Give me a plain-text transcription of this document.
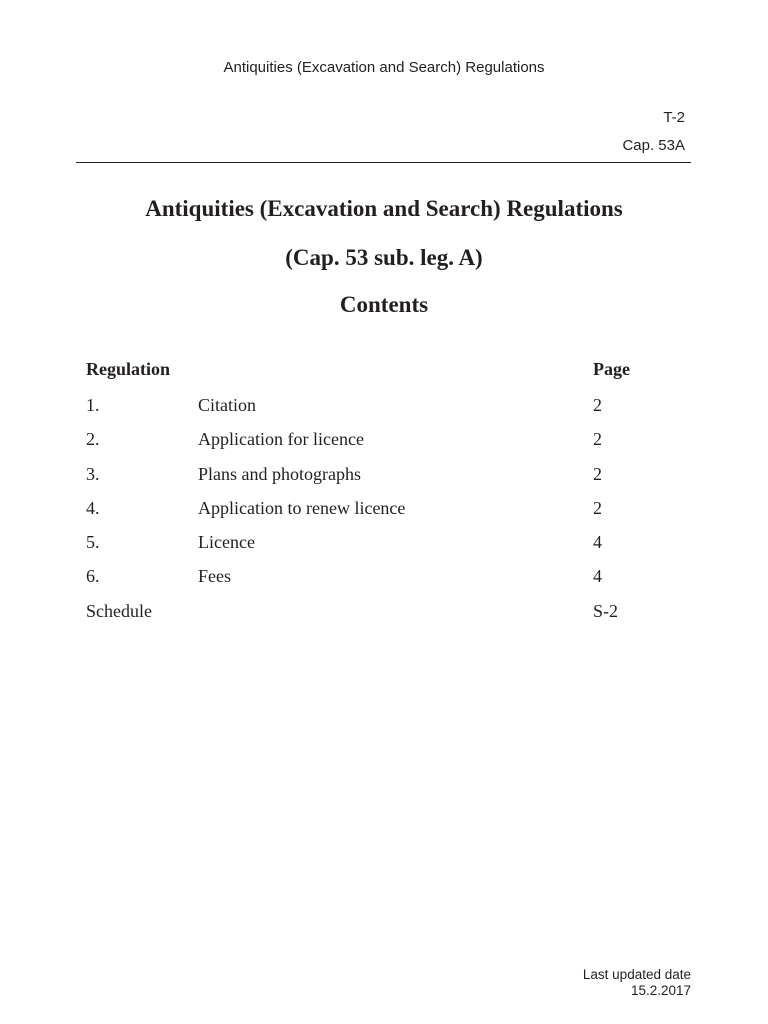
Antiquities (Excavation and Search) Regulations
T-2
Cap. 53A
Antiquities (Excavation and Search) Regulations
(Cap. 53 sub. leg. A)
Contents
Regulation	Page
1.	Citation	2
2.	Application for licence	2
3.	Plans and photographs	2
4.	Application to renew licence	2
5.	Licence	4
6.	Fees	4
Schedule	S-2
Last updated date
15.2.2017
